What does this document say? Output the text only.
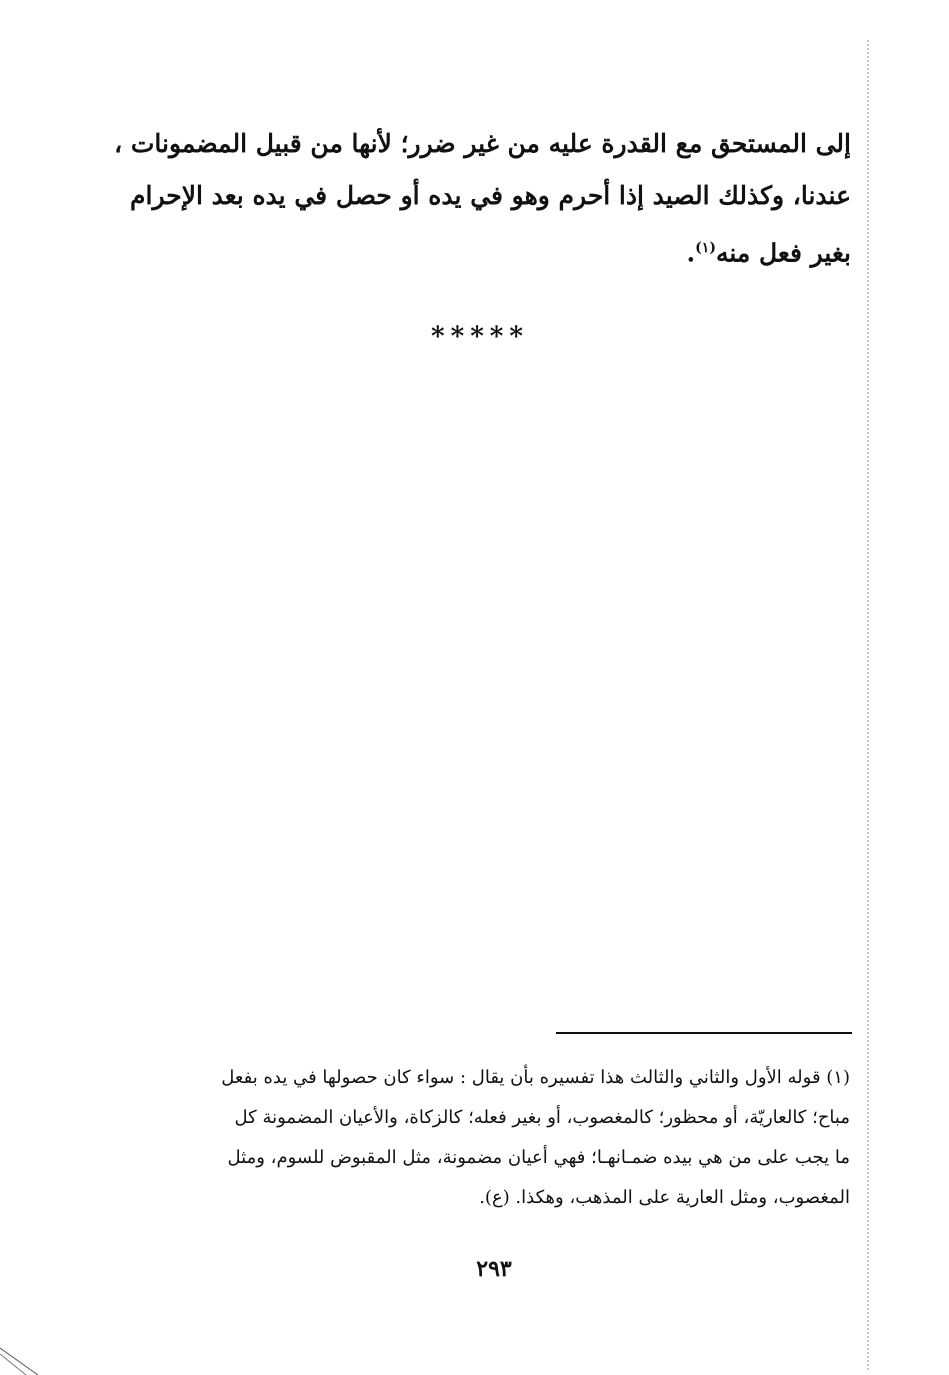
إلى المستحق مع القدرة عليه من غير ضرر؛ لأنها من قبيل المضمونات ،
عندنا، وكذلك الصيد إذا أحرم وهو في يده أو حصل في يده بعد الإحرام
بغير فعل منه$^{(١)}$.
*****
(١) قوله الأول والثاني والثالث هذا تفسيره بأن يقال : سواء كان حصولها في يده بفعل
مباح؛ كالعاريّة، أو محظور؛ كالمغصوب، أو بغير فعله؛ كالزكاة، والأعيان المضمونة كل
ما يجب على من هي بيده ضمـانهـا؛ فهي أعيان مضمونة، مثل المقبوض للسوم، ومثل
المغصوب، ومثل العارية على المذهب، وهكذا. (ع).
٢٩٣
